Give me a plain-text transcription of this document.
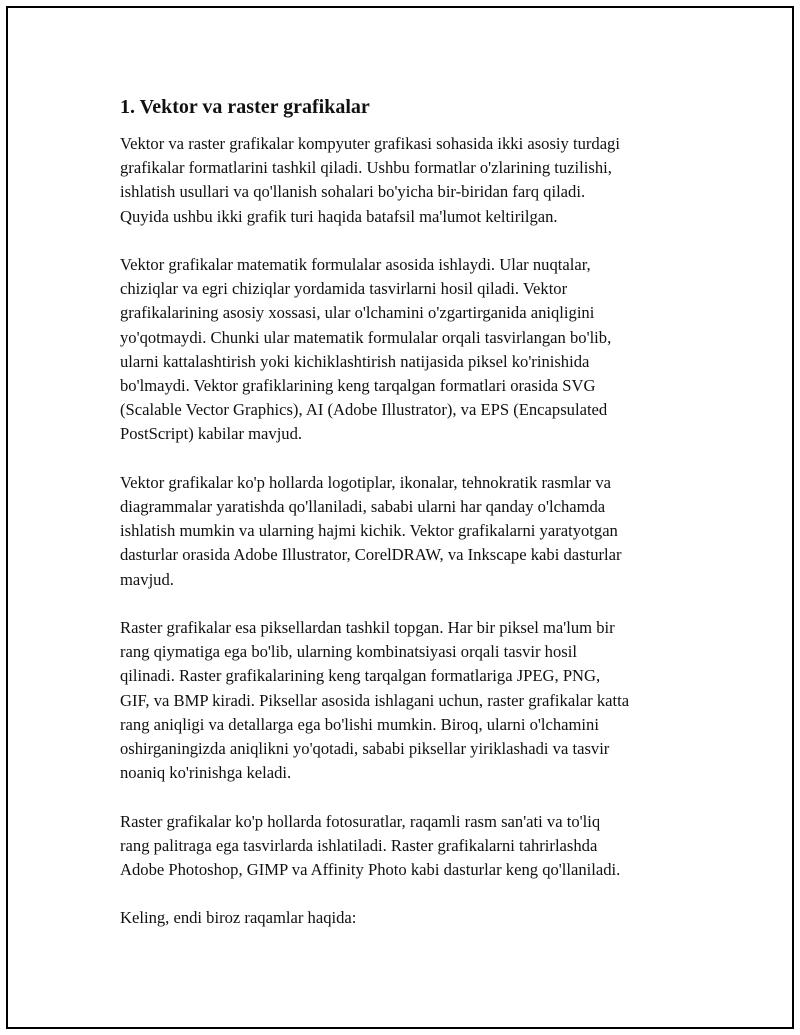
1. Vektor va raster grafikalar
Vektor va raster grafikalar kompyuter grafikasi sohasida ikki asosiy turdagi
grafikalar formatlarini tashkil qiladi. Ushbu formatlar o'zlarining tuzilishi,
ishlatish usullari va qo'llanish sohalari bo'yicha bir-biridan farq qiladi.
Quyida ushbu ikki grafik turi haqida batafsil ma'lumot keltirilgan.
Vektor grafikalar matematik formulalar asosida ishlaydi. Ular nuqtalar,
chiziqlar va egri chiziqlar yordamida tasvirlarni hosil qiladi. Vektor
grafikalarining asosiy xossasi, ular o'lchamini o'zgartirganida aniqligini
yo'qotmaydi. Chunki ular matematik formulalar orqali tasvirlangan bo'lib,
ularni kattalashtirish yoki kichiklashtirish natijasida piksel ko'rinishida
bo'lmaydi. Vektor grafiklarining keng tarqalgan formatlari orasida SVG
(Scalable Vector Graphics), AI (Adobe Illustrator), va EPS (Encapsulated
PostScript) kabilar mavjud.
Vektor grafikalar ko'p hollarda logotiplar, ikonalar, tehnokratik rasmlar va
diagrammalar yaratishda qo'llaniladi, sababi ularni har qanday o'lchamda
ishlatish mumkin va ularning hajmi kichik. Vektor grafikalarni yaratyotgan
dasturlar orasida Adobe Illustrator, CorelDRAW, va Inkscape kabi dasturlar
mavjud.
Raster grafikalar esa piksellardan tashkil topgan. Har bir piksel ma'lum bir
rang qiymatiga ega bo'lib, ularning kombinatsiyasi orqali tasvir hosil
qilinadi. Raster grafikalarining keng tarqalgan formatlariga JPEG, PNG,
GIF, va BMP kiradi. Piksellar asosida ishlagani uchun, raster grafikalar katta
rang aniqligi va detallarga ega bo'lishi mumkin. Biroq, ularni o'lchamini
oshirganingizda aniqlikni yo'qotadi, sababi piksellar yiriklashadi va tasvir
noaniq ko'rinishga keladi.
Raster grafikalar ko'p hollarda fotosuratlar, raqamli rasm san'ati va to'liq
rang palitraga ega tasvirlarda ishlatiladi. Raster grafikalarni tahrirlashda
Adobe Photoshop, GIMP va Affinity Photo kabi dasturlar keng qo'llaniladi.
Keling, endi biroz raqamlar haqida:
